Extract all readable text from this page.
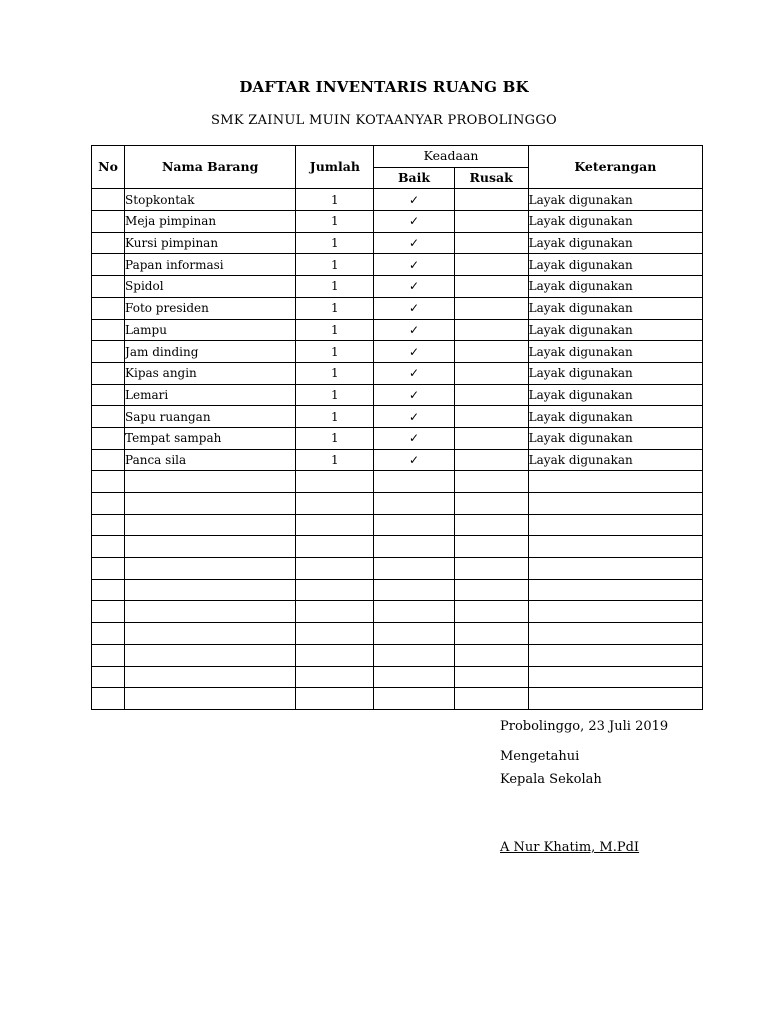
DAFTAR INVENTARIS RUANG BK
SMK ZAINUL MUIN KOTAANYAR PROBOLINGGO
No	Nama Barang	Jumlah	Keadaan		Keterangan
			Baik	Rusak	
	Stopkontak	1	✓		Layak digunakan
	Meja pimpinan	1	✓		Layak digunakan
	Kursi pimpinan	1	✓		Layak digunakan
	Papan informasi	1	✓		Layak digunakan
	Spidol	1	✓		Layak digunakan
	Foto presiden	1	✓		Layak digunakan
	Lampu	1	✓		Layak digunakan
	Jam dinding	1	✓		Layak digunakan
	Kipas angin	1	✓		Layak digunakan
	Lemari	1	✓		Layak digunakan
	Sapu ruangan	1	✓		Layak digunakan
	Tempat sampah	1	✓		Layak digunakan
	Panca sila	1	✓		Layak digunakan

Probolinggo, 23 Juli 2019
Mengetahui
Kepala Sekolah
A Nur Khatim, M.PdI
